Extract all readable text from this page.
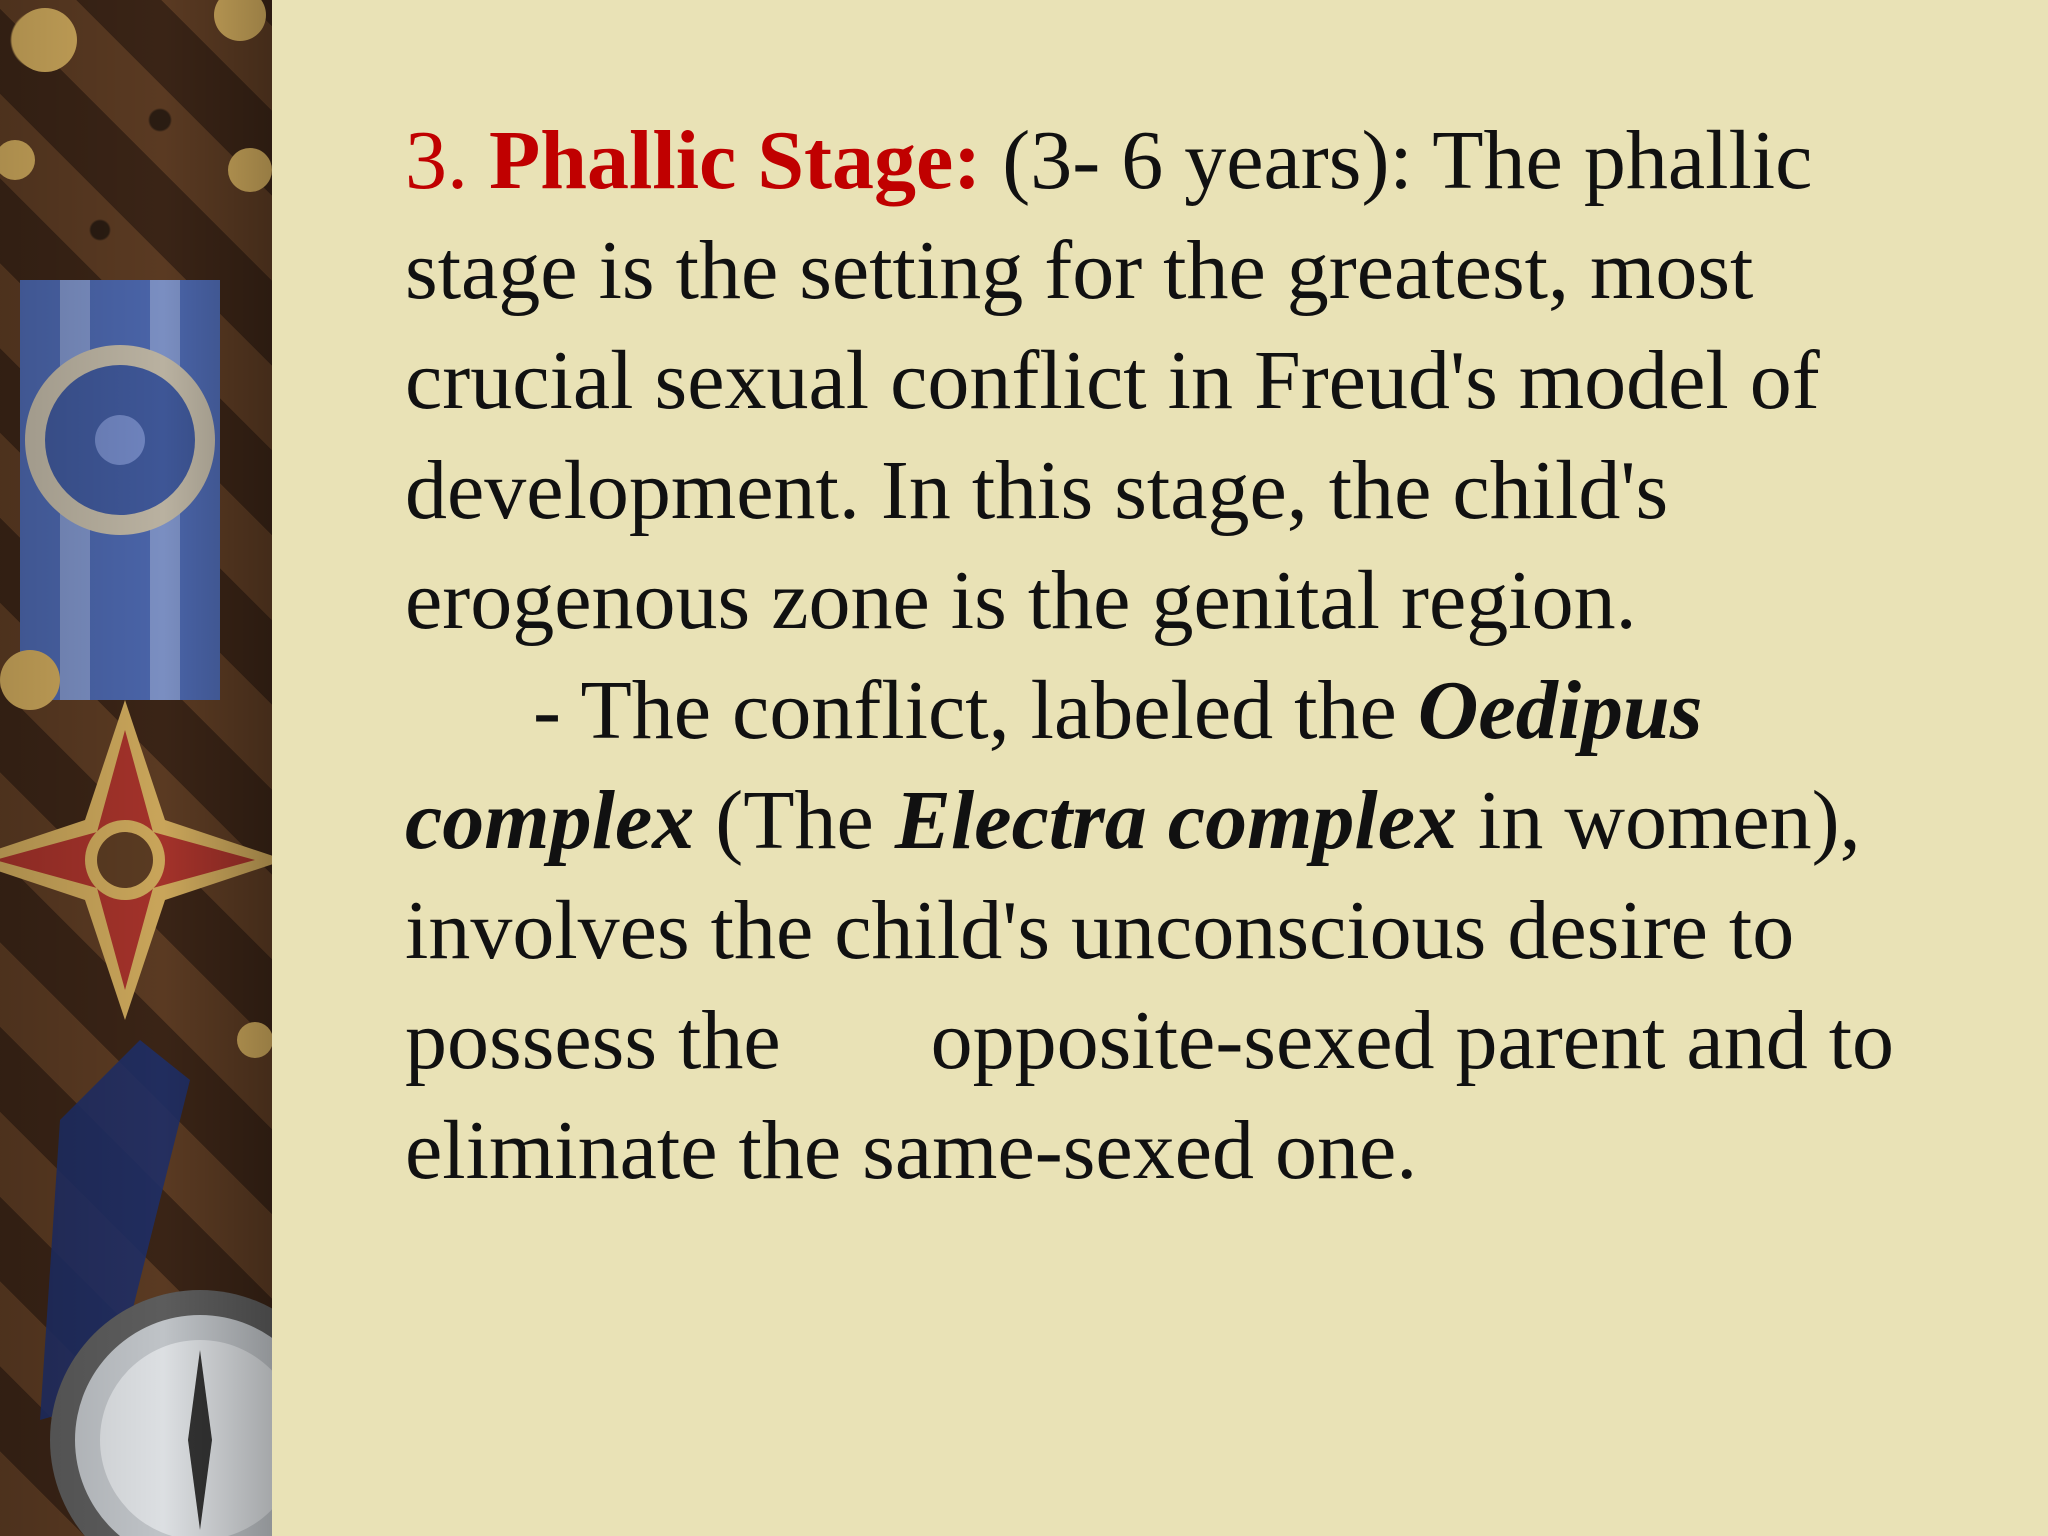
3. Phallic Stage: (3- 6 years): The phallic stage is the setting for the greatest, most crucial sexual conflict in Freud's model of development. In this stage, the child's erogenous zone is the genital region.

- The conflict, labeled the Oedipus complex (The Electra complex in women), involves the child's unconscious desire to possess the opposite-sexed parent and to eliminate the same-sexed one.
